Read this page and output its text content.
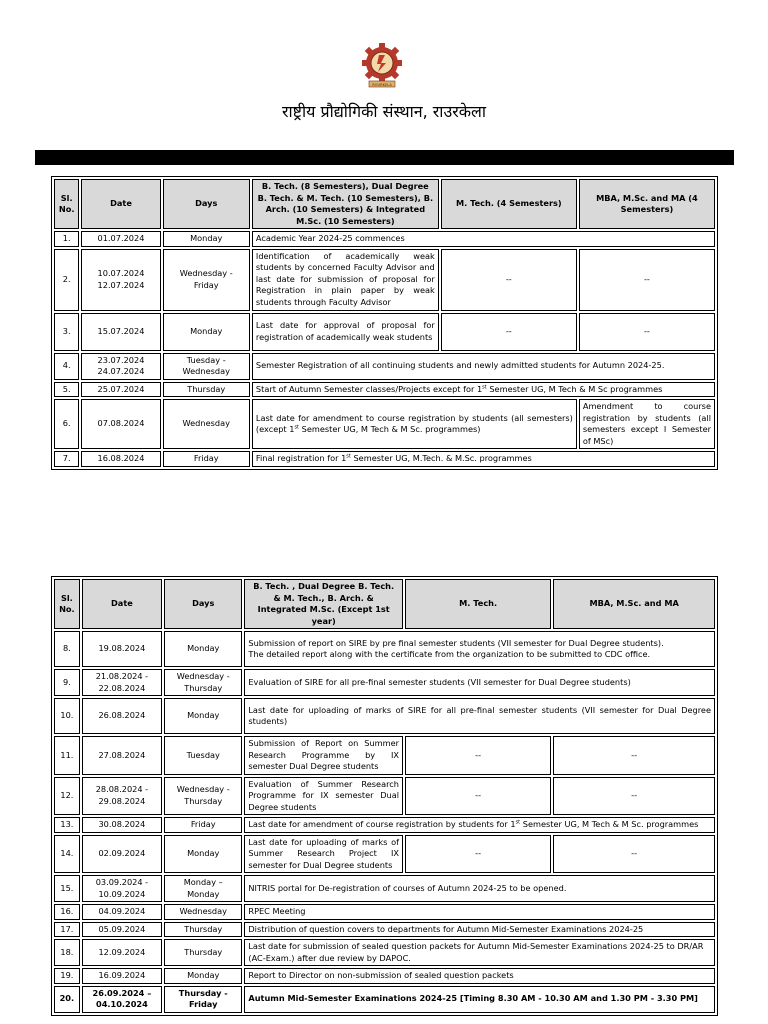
ROURKELA
राष्ट्रीय प्रौद्योगिकी संस्थान, राउरकेला
Sl. No.	Date	Days	B. Tech. (8 Semesters), Dual Degree B. Tech. & M. Tech. (10 Semesters), B. Arch. (10 Semesters) & Integrated M.Sc. (10 Semesters)	M. Tech. (4 Semesters)	MBA, M.Sc. and MA (4 Semesters)
1.	01.07.2024	Monday	Academic Year 2024-25 commences		
2.	10.07.2024
12.07.2024	Wednesday - Friday	Identification of academically weak students by concerned Faculty Advisor and last date for submission of proposal for Registration in plain paper by weak students through Faculty Advisor	--	--
3.	15.07.2024	Monday	Last date for approval of proposal for registration of academically weak students	--	--
4.	23.07.2024
24.07.2024	Tuesday - Wednesday	Semester Registration of all continuing students and newly admitted students for Autumn 2024-25.		
5.	25.07.2024	Thursday	Start of Autumn Semester classes/Projects except for 1st Semester UG, M Tech & M Sc programmes		
6.	07.08.2024	Wednesday	Last date for amendment to course registration by students (all semesters)(except 1st Semester UG, M Tech & M Sc. programmes)		Amendment to course registration by students (all semesters except I Semester of MSc)
7.	16.08.2024	Friday	Final registration for 1st Semester UG, M.Tech. & M.Sc. programmes		
Sl. No.	Date	Days	B. Tech. , Dual Degree B. Tech. & M. Tech., B. Arch. & Integrated M.Sc. (Except 1st year)	M. Tech.	MBA, M.Sc. and MA
8.	19.08.2024	Monday	Submission of report on SIRE by pre final semester students (VII semester for Dual Degree students).
The detailed report along with the certificate from the organization to be submitted to CDC office.		
9.	21.08.2024 -
22.08.2024	Wednesday - Thursday	Evaluation of SIRE for all pre-final semester students (VII semester for Dual Degree students)		
10.	26.08.2024	Monday	Last date for uploading of marks of SIRE for all pre-final semester students (VII semester for Dual Degree students)		
11.	27.08.2024	Tuesday	Submission of Report on Summer Research Programme by IX semester Dual Degree students	--	--
12.	28.08.2024 -
29.08.2024	Wednesday - Thursday	Evaluation of Summer Research Programme for IX semester Dual Degree students	--	--
13.	30.08.2024	Friday	Last date for amendment of course registration by students for 1st Semester UG, M Tech & M Sc. programmes		
14.	02.09.2024	Monday	Last date for uploading of marks of Summer Research Project IX semester for Dual Degree students	--	--
15.	03.09.2024 -
10.09.2024	Monday – Monday	NITRIS portal for De-registration of courses of Autumn 2024-25 to be opened.		
16.	04.09.2024	Wednesday	RPEC Meeting		
17.	05.09.2024	Thursday	Distribution of question covers to departments for Autumn Mid-Semester Examinations 2024-25		
18.	12.09.2024	Thursday	Last date for submission of sealed question packets for Autumn Mid-Semester Examinations 2024-25 to DR/AR (AC-Exam.) after due review by DAPOC.		
19.	16.09.2024	Monday	Report to Director on non-submission of sealed question packets		
20.	26.09.2024 –
04.10.2024	Thursday - Friday	Autumn Mid-Semester Examinations 2024-25 [Timing 8.30 AM - 10.30 AM and 1.30 PM - 3.30 PM]		
